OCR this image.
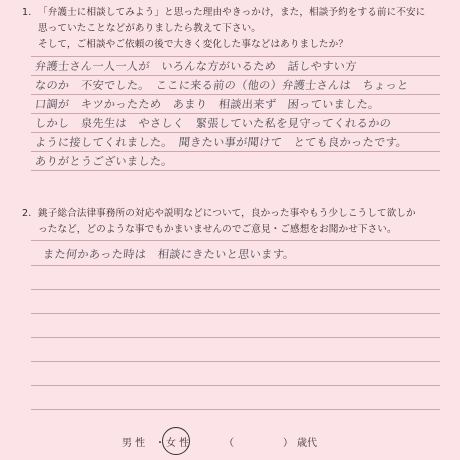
1. 「弁護士に相談してみよう」と思った理由やきっかけ，また，相談予約をする前に不安に
思っていたことなどがありましたら教えて下さい。
そして，ご相談やご依頼の後で大きく変化した事などはありましたか？
弁護士さん一人一人が　いろんな方がいるため　話しやすい方
なのか　不安でした。　ここに来る前の（他の）弁護士さんは　ちょっと
口調が　キツかったため　あまり　相談出来ず　困っていました。
しかし　泉先生は　やさしく　緊張していた私を見守ってくれるかの
ように接してくれました。　聞きたい事が聞けて　とても良かったです。
ありがとうございました。
2. 銚子総合法律事務所の対応や説明などについて，良かった事やもう少しこうして欲しか
ったなど，どのような事でもかまいませんのでご意見・ご感想をお聞かせ下さい。
また何かあった時は　相談にきたいと思います。
男 性 ・ 女 性	（	） 歳代
